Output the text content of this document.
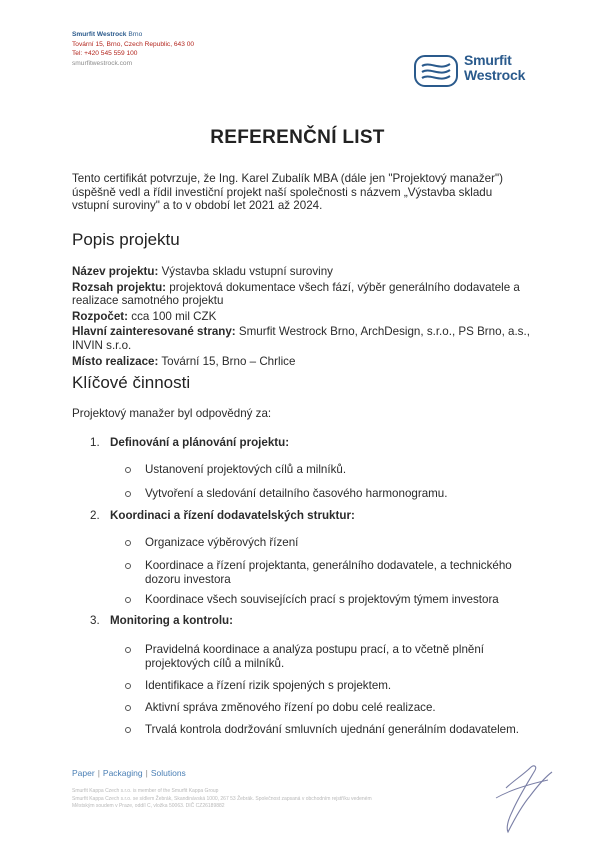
Smurfit Westrock Brno
Tovární 15, Brno, Czech Republic, 643 00
Tel: +420 545 559 100
smurfitwestrock.com	Smurfit
Westrock
REFERENČNÍ LIST
Tento certifikát potvrzuje, že Ing. Karel Zubalík MBA (dále jen "Projektový manažer") úspěšně vedl a řídil investiční projekt naší společnosti s názvem „Výstavba skladu vstupní suroviny" a to v období let 2021 až 2024.
Popis projektu
Název projektu: Výstavba skladu vstupní suroviny
Rozsah projektu: projektová dokumentace všech fází, výběr generálního dodavatele a realizace samotného projektu
Rozpočet: cca 100 mil CZK
Hlavní zainteresované strany: Smurfit Westrock Brno, ArchDesign, s.r.o., PS Brno, a.s., INVIN s.r.o.
Místo realizace: Tovární 15, Brno – Chrlice
Klíčové činnosti
Projektový manažer byl odpovědný za:
1. Definování a plánování projektu:
Ustanovení projektových cílů a milníků.
Vytvoření a sledování detailního časového harmonogramu.
2. Koordinaci a řízení dodavatelských struktur:
Organizace výběrových řízení
Koordinace a řízení projektanta, generálního dodavatele, a technického dozoru investora
Koordinace všech souvisejících prací s projektovým týmem investora
3. Monitoring a kontrolu:
Pravidelná koordinace a analýza postupu prací, a to včetně plnění projektových cílů a milníků.
Identifikace a řízení rizik spojených s projektem.
Aktivní správa změnového řízení po dobu celé realizace.
Trvalá kontrola dodržování smluvních ujednání generálním dodavatelem.
Paper | Packaging | Solutions
Smurfit Kappa Czech s.r.o. is member of the Smurfit Kappa Group
Smurfit Kappa Czech s.r.o. se sídlem Žebrák, Skandinávská 1000, 267 53 Žebrák. Společnost zapsaná v obchodním rejstříku vedeném
Městským soudem v Praze, oddíl C, vložka 50063. DIČ CZ26189882
